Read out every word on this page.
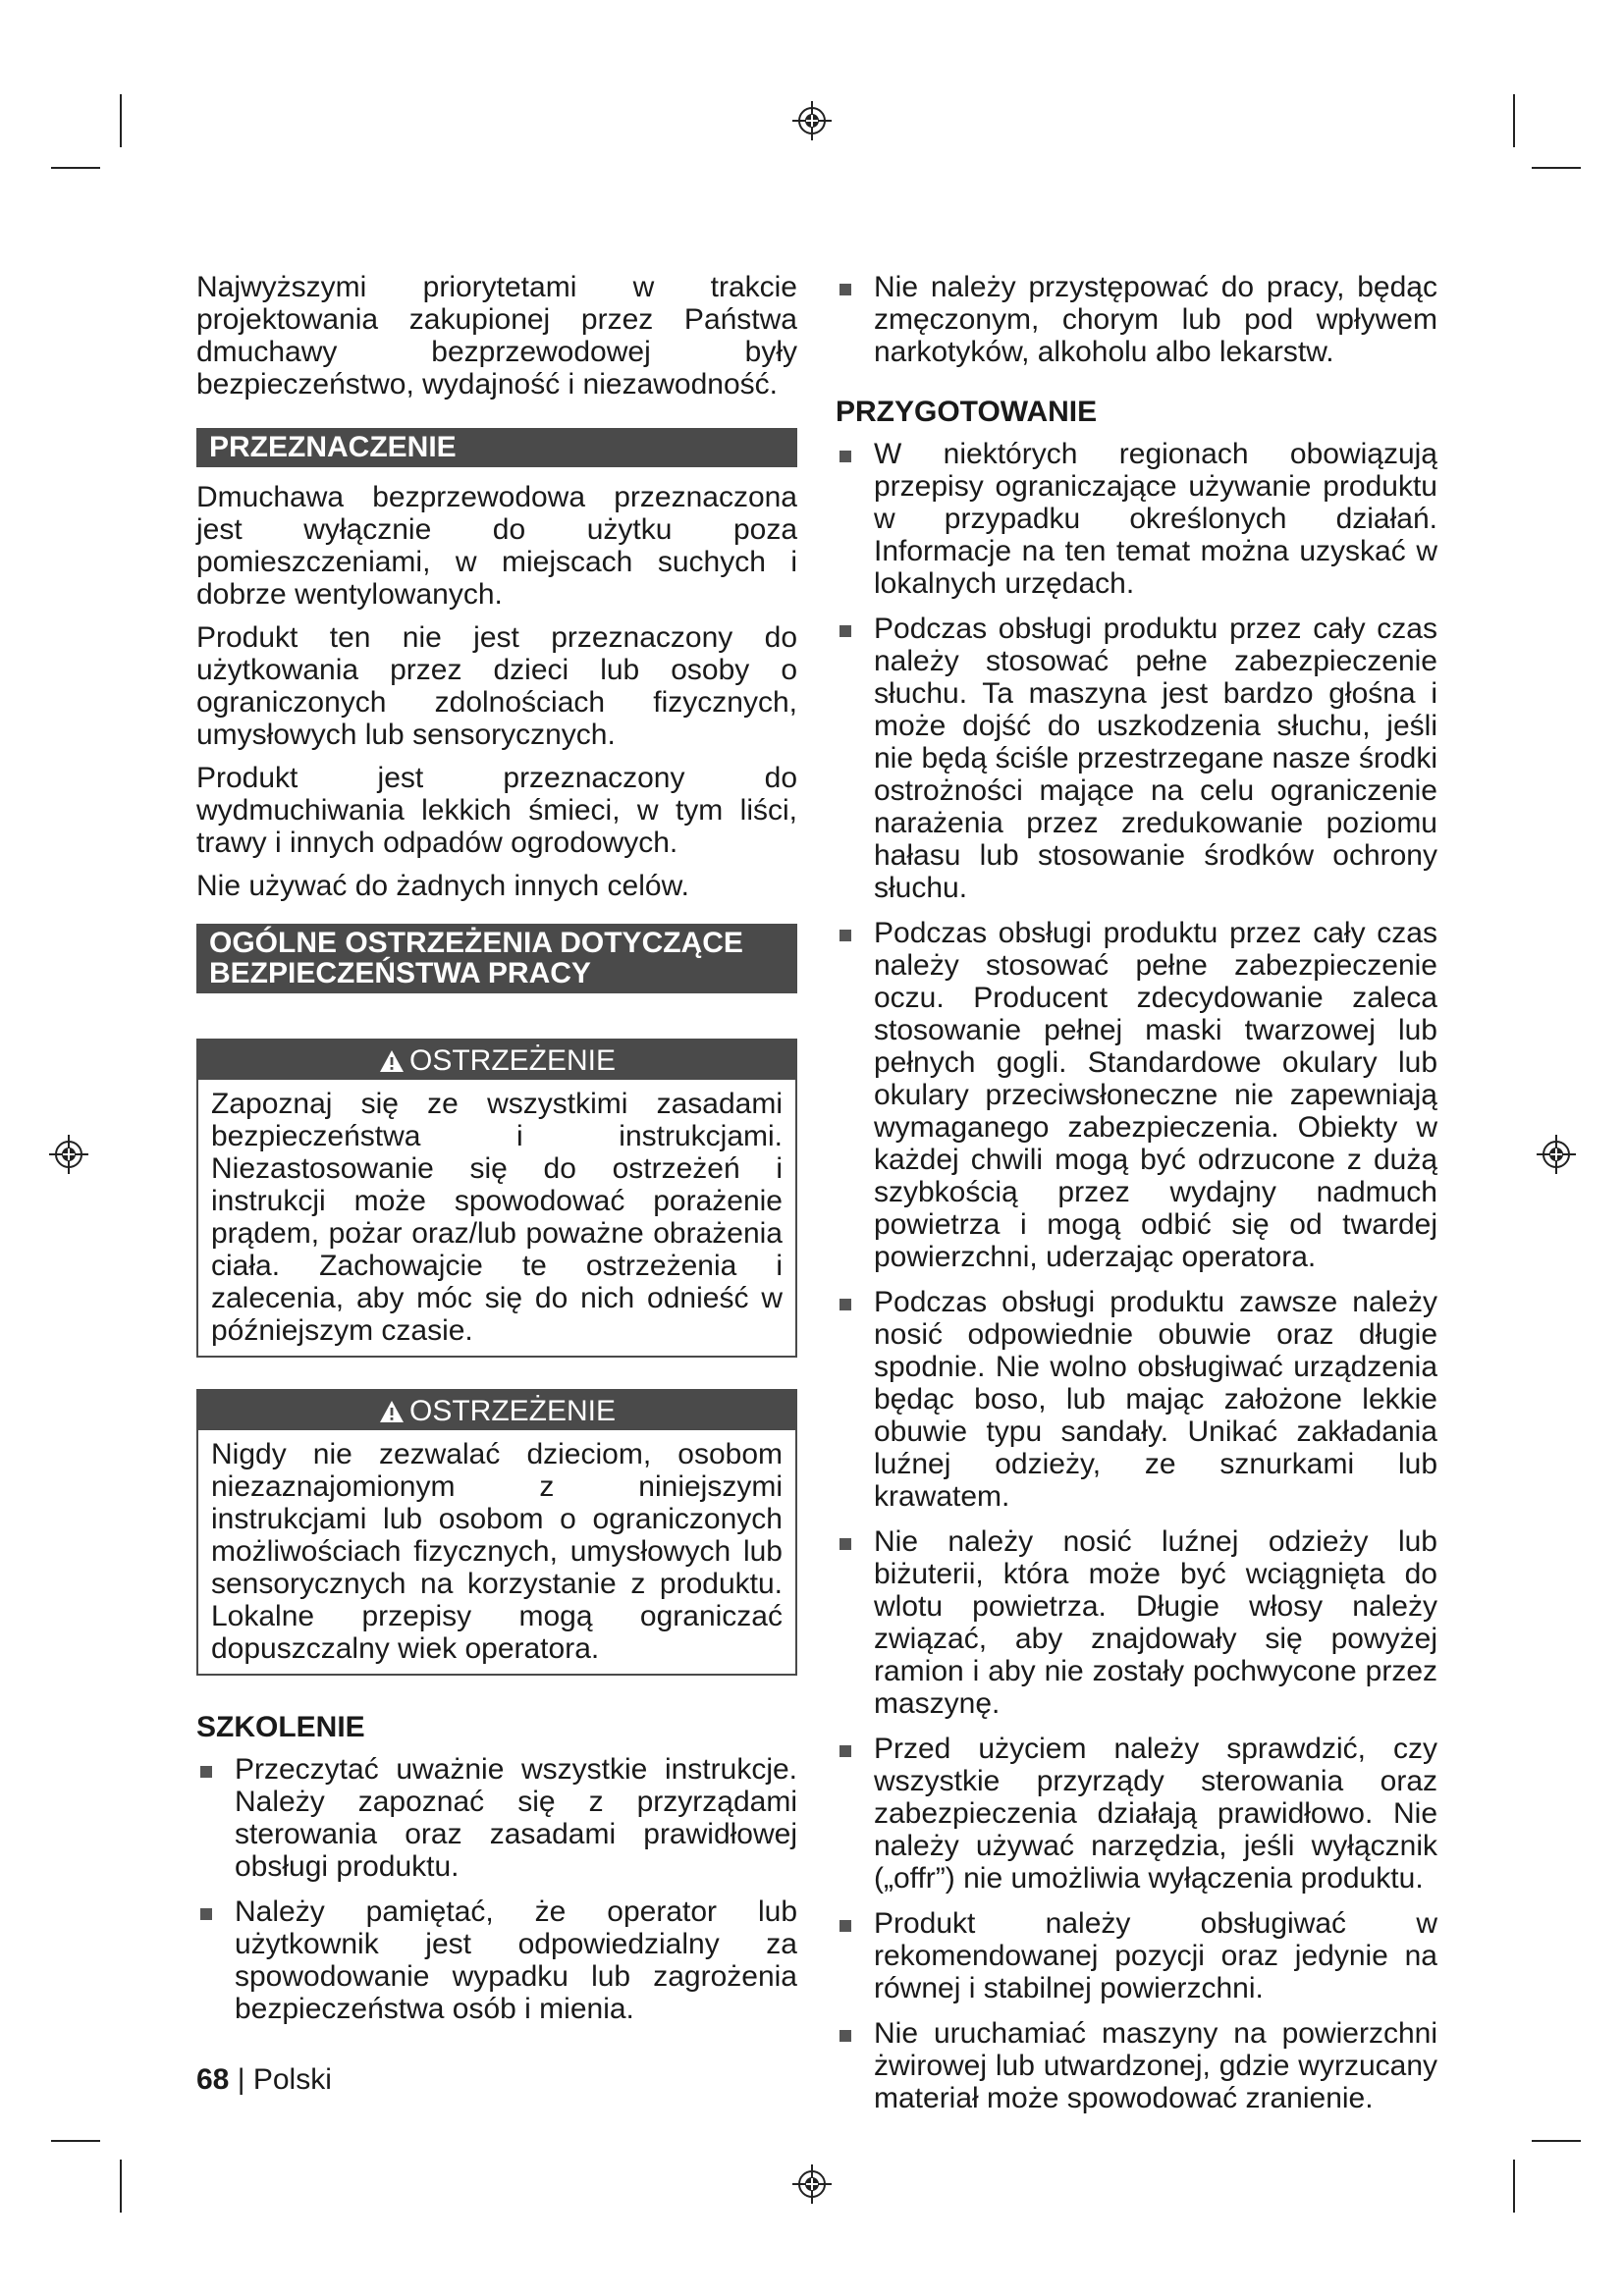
Najwyższymi priorytetami w trakcie projektowania zakupionej przez Państwa dmuchawy bezprzewodowej były bezpieczeństwo, wydajność i niezawodność.

PRZEZNACZENIE

Dmuchawa bezprzewodowa przeznaczona jest wyłącznie do użytku poza pomieszczeniami, w miejscach suchych i dobrze wentylowanych.

Produkt ten nie jest przeznaczony do użytkowania przez dzieci lub osoby o ograniczonych zdolnościach fizycznych, umysłowych lub sensorycznych.

Produkt jest przeznaczony do wydmuchiwania lekkich śmieci, w tym liści, trawy i innych odpadów ogrodowych.

Nie używać do żadnych innych celów.

OGÓLNE OSTRZEŻENIA DOTYCZĄCE BEZPIECZEŃSTWA PRACY
OSTRZEŻENIE
Zapoznaj się ze wszystkimi zasadami bezpieczeństwa i instrukcjami. Niezastosowanie się do ostrzeżeń i instrukcji może spowodować porażenie prądem, pożar oraz/lub poważne obrażenia ciała. Zachowajcie te ostrzeżenia i zalecenia, aby móc się do nich odnieść w późniejszym czasie.
OSTRZEŻENIE
Nigdy nie zezwalać dzieciom, osobom niezaznajomionym z niniejszymi instrukcjami lub osobom o ograniczonych możliwościach fizycznych, umysłowych lub sensorycznych na korzystanie z produktu. Lokalne przepisy mogą ograniczać dopuszczalny wiek operatora.
SZKOLENIE
Przeczytać uważnie wszystkie instrukcje. Należy zapoznać się z przyrządami sterowania oraz zasadami prawidłowej obsługi produktu.
Należy pamiętać, że operator lub użytkownik jest odpowiedzialny za spowodowanie wypadku lub zagrożenia bezpieczeństwa osób i mienia.
Nie należy przystępować do pracy, będąc zmęczonym, chorym lub pod wpływem narkotyków, alkoholu albo lekarstw.
PRZYGOTOWANIE
W niektórych regionach obowiązują przepisy ograniczające używanie produktu w przypadku określonych działań. Informacje na ten temat można uzyskać w lokalnych urzędach.
Podczas obsługi produktu przez cały czas należy stosować pełne zabezpieczenie słuchu. Ta maszyna jest bardzo głośna i może dojść do uszkodzenia słuchu, jeśli nie będą ściśle przestrzegane nasze środki ostrożności mające na celu ograniczenie narażenia przez zredukowanie poziomu hałasu lub stosowanie środków ochrony słuchu.
Podczas obsługi produktu przez cały czas należy stosować pełne zabezpieczenie oczu. Producent zdecydowanie zaleca stosowanie pełnej maski twarzowej lub pełnych gogli. Standardowe okulary lub okulary przeciwsłoneczne nie zapewniają wymaganego zabezpieczenia. Obiekty w każdej chwili mogą być odrzucone z dużą szybkością przez wydajny nadmuch powietrza i mogą odbić się od twardej powierzchni, uderzając operatora.
Podczas obsługi produktu zawsze należy nosić odpowiednie obuwie oraz długie spodnie. Nie wolno obsługiwać urządzenia będąc boso, lub mając założone lekkie obuwie typu sandały. Unikać zakładania luźnej odzieży, ze sznurkami lub krawatem.
Nie należy nosić luźnej odzieży lub biżuterii, która może być wciągnięta do wlotu powietrza. Długie włosy należy związać, aby znajdowały się powyżej ramion i aby nie zostały pochwycone przez maszynę.
Przed użyciem należy sprawdzić, czy wszystkie przyrządy sterowania oraz zabezpieczenia działają prawidłowo. Nie należy używać narzędzia, jeśli wyłącznik („offr”) nie umożliwia wyłączenia produktu.
Produkt należy obsługiwać w rekomendowanej pozycji oraz jedynie na równej i stabilnej powierzchni.
Nie uruchamiać maszyny na powierzchni żwirowej lub utwardzonej, gdzie wyrzucany materiał może spowodować zranienie.
68 | Polski
